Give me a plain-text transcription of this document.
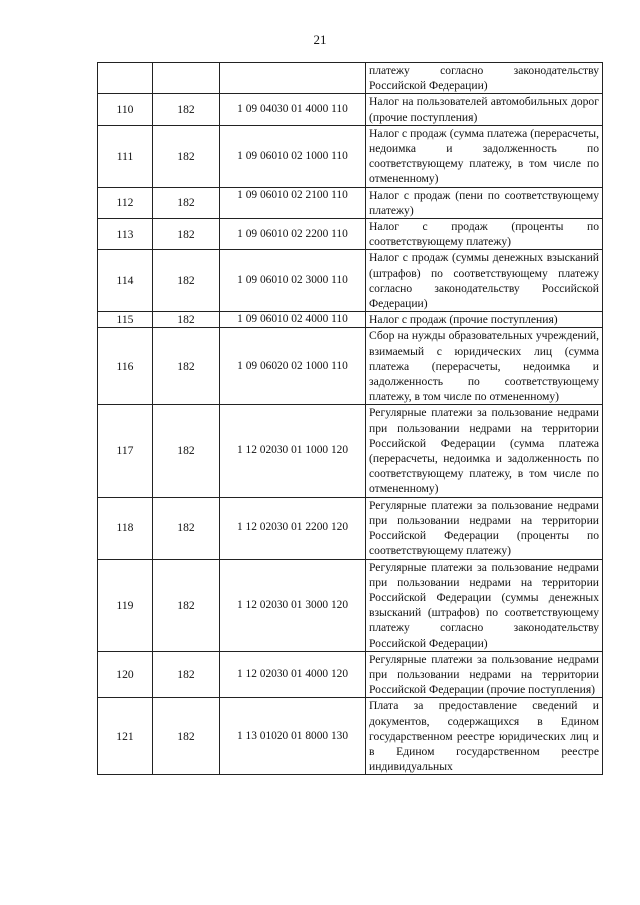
21
			платежу согласно законодательству Российской Федерации)
110	182	1 09 04030 01 4000 110	Налог на пользователей автомобильных дорог (прочие поступления)
111	182	1 09 06010 02 1000 110	Налог с продаж (сумма платежа (перерасчеты, недоимка и задолженность по соответствующему платежу, в том числе по отмененному)
112	182	1 09 06010 02 2100 110	Налог с продаж (пени по соответствующему платежу)
113	182	1 09 06010 02 2200 110	Налог с продаж (проценты по соответствующему платежу)
114	182	1 09 06010 02 3000 110	Налог с продаж (суммы денежных взысканий (штрафов) по соответствующему платежу согласно законодательству Российской Федерации)
115	182	1 09 06010 02 4000 110	Налог с продаж (прочие поступления)
116	182	1 09 06020 02 1000 110	Сбор на нужды образовательных учреждений, взимаемый с юридических лиц (сумма платежа (перерасчеты, недоимка и задолженность по соответствующему платежу, в том числе по отмененному)
117	182	1 12 02030 01 1000 120	Регулярные платежи за пользование недрами при пользовании недрами на территории Российской Федерации (сумма платежа (перерасчеты, недоимка и задолженность по соответствующему платежу, в том числе по отмененному)
118	182	1 12 02030 01 2200 120	Регулярные платежи за пользование недрами при пользовании недрами на территории Российской Федерации (проценты по соответствующему платежу)
119	182	1 12 02030 01 3000 120	Регулярные платежи за пользование недрами при пользовании недрами на территории Российской Федерации (суммы денежных взысканий (штрафов) по соответствующему платежу согласно законодательству Российской Федерации)
120	182	1 12 02030 01 4000 120	Регулярные платежи за пользование недрами при пользовании недрами на территории Российской Федерации (прочие поступления)
121	182	1 13 01020 01 8000 130	Плата за предоставление сведений и документов, содержащихся в Едином государственном реестре юридических лиц и в Едином государственном реестре индивидуальных
